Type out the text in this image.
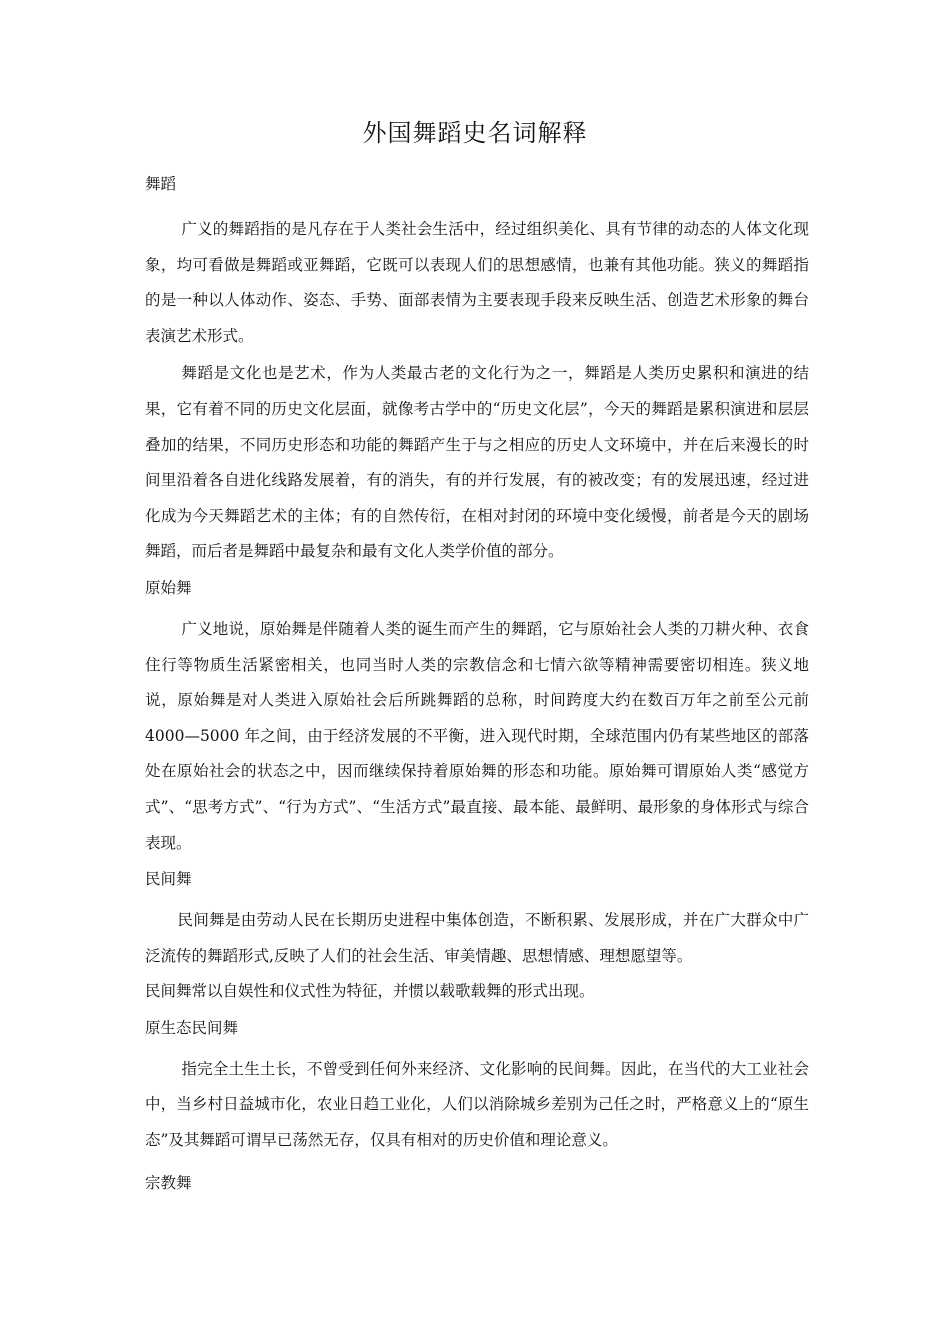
外国舞蹈史名词解释

舞蹈

广义的舞蹈指的是凡存在于人类社会生活中，经过组织美化、具有节律的动态的人体文化现象，均可看做是舞蹈或亚舞蹈，它既可以表现人们的思想感情，也兼有其他功能。狭义的舞蹈指的是一种以人体动作、姿态、手势、面部表情为主要表现手段来反映生活、创造艺术形象的舞台表演艺术形式。

舞蹈是文化也是艺术，作为人类最古老的文化行为之一，舞蹈是人类历史累积和演进的结果，它有着不同的历史文化层面，就像考古学中的“历史文化层”，今天的舞蹈是累积演进和层层叠加的结果，不同历史形态和功能的舞蹈产生于与之相应的历史人文环境中，并在后来漫长的时间里沿着各自进化线路发展着，有的消失，有的并行发展，有的被改变；有的发展迅速，经过进化成为今天舞蹈艺术的主体；有的自然传衍，在相对封闭的环境中变化缓慢，前者是今天的剧场舞蹈，而后者是舞蹈中最复杂和最有文化人类学价值的部分。

原始舞

广义地说，原始舞是伴随着人类的诞生而产生的舞蹈，它与原始社会人类的刀耕火种、衣食住行等物质生活紧密相关，也同当时人类的宗教信念和七情六欲等精神需要密切相连。狭义地说，原始舞是对人类进入原始社会后所跳舞蹈的总称，时间跨度大约在数百万年之前至公元前 4000—5000 年之间，由于经济发展的不平衡，进入现代时期，全球范围内仍有某些地区的部落处在原始社会的状态之中，因而继续保持着原始舞的形态和功能。原始舞可谓原始人类“感觉方式”、“思考方式”、“行为方式”、“生活方式”最直接、最本能、最鲜明、最形象的身体形式与综合表现。

民间舞

民间舞是由劳动人民在长期历史进程中集体创造，不断积累、发展形成，并在广大群众中广泛流传的舞蹈形式,反映了人们的社会生活、审美情趣、思想情感、理想愿望等。

民间舞常以自娱性和仪式性为特征，并惯以载歌载舞的形式出现。

原生态民间舞

指完全土生土长，不曾受到任何外来经济、文化影响的民间舞。因此，在当代的大工业社会中，当乡村日益城市化，农业日趋工业化，人们以消除城乡差别为己任之时，严格意义上的“原生态”及其舞蹈可谓早已荡然无存，仅具有相对的历史价值和理论意义。

宗教舞
